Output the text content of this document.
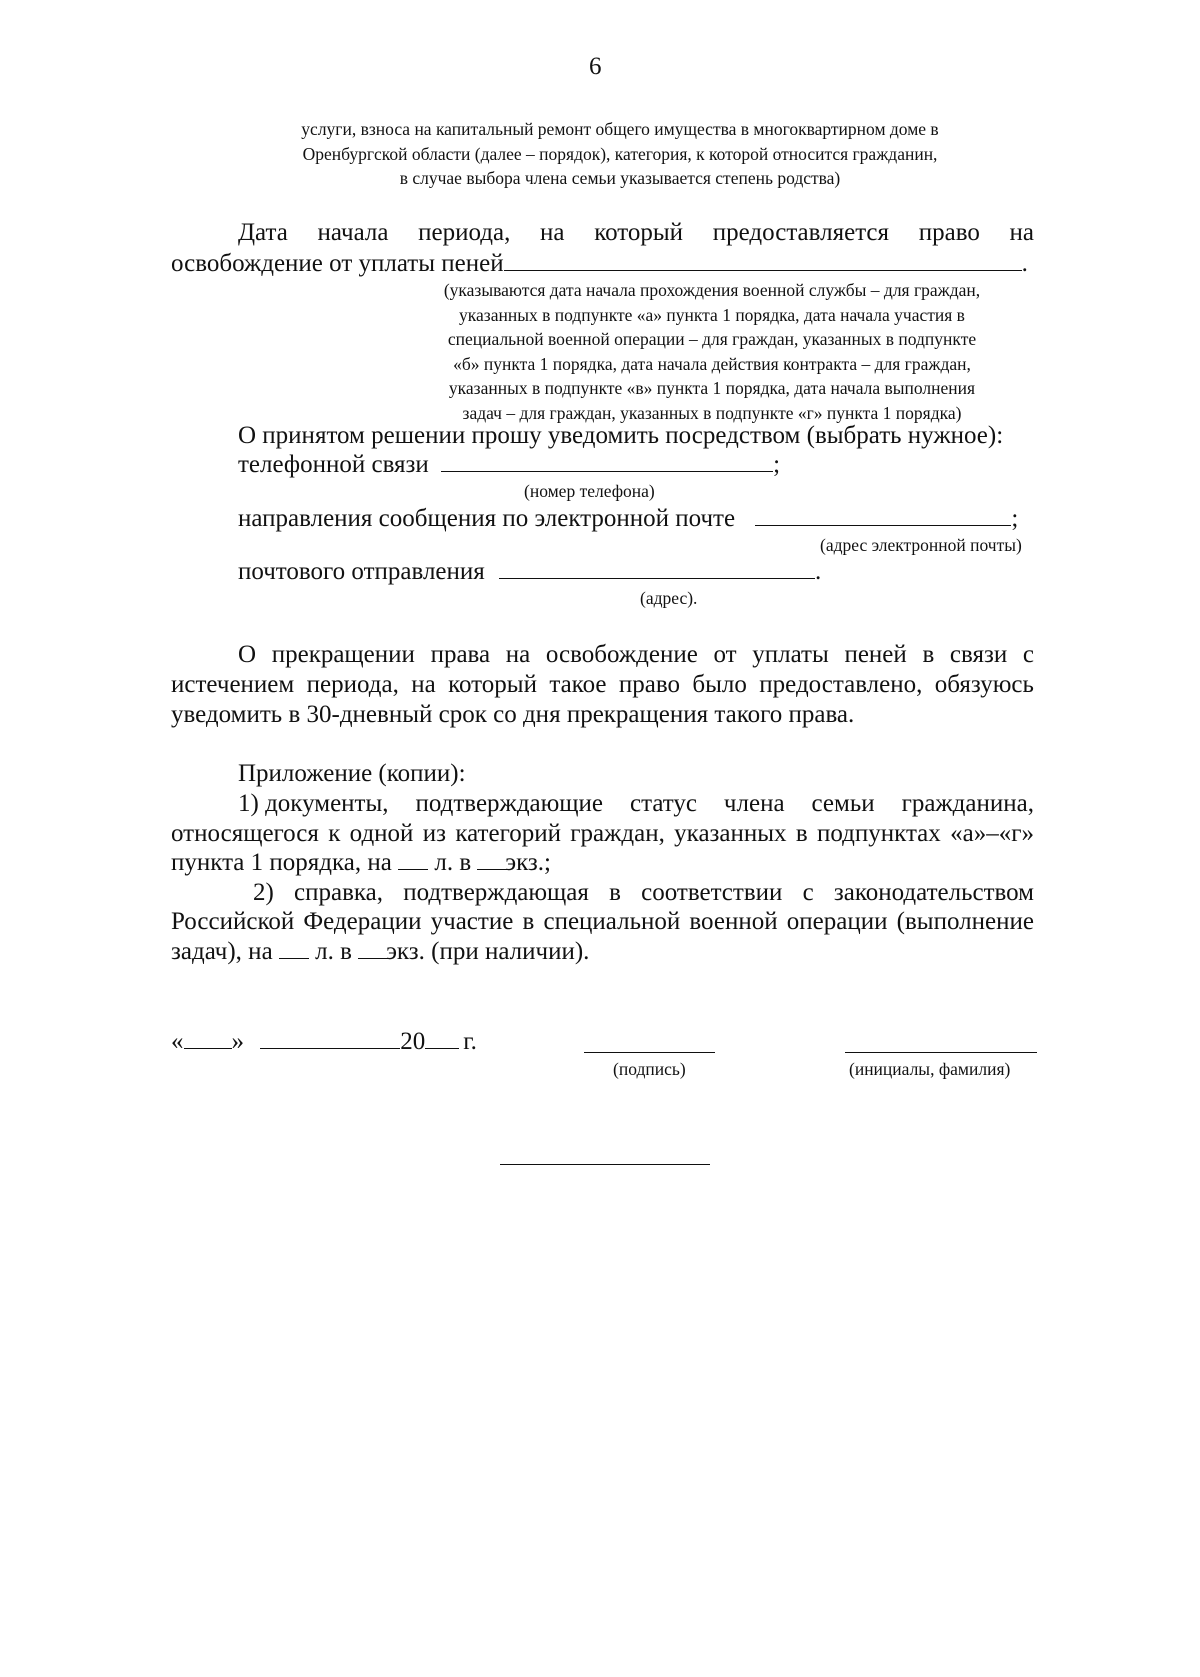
6
услуги, взноса на капитальный ремонт общего имущества в многоквартирном доме в
Оренбургской области (далее – порядок), категория, к которой относится гражданин,
в случае выбора члена семьи указывается степень родства)
Дата начала периода, на который предоставляется право на
освобождение от уплаты пеней	.
(указываются дата начала прохождения военной службы – для граждан,
указанных в подпункте «а» пункта 1 порядка, дата начала участия в
специальной военной операции – для граждан, указанных в подпункте
«б» пункта 1 порядка, дата начала действия контракта – для граждан,
указанных в подпункте «в» пункта 1 порядка, дата начала выполнения
задач – для граждан, указанных в подпункте «г» пункта 1 порядка)
О принятом решении прошу уведомить посредством (выбрать нужное):
телефонной связи	;
(номер телефона)
направления сообщения по электронной почте	;
(адрес электронной почты)
почтового отправления	.
(адрес).
О прекращении права на освобождение от уплаты пеней в связи с
истечением периода, на который такое право было предоставлено, обязуюсь
уведомить в 30-дневный срок со дня прекращения такого права.
Приложение (копии):
1) документы, подтверждающие статус члена семьи гражданина,
относящегося к одной из категорий граждан, указанных в подпунктах «а»–«г»
пункта 1 порядка, на л. в экз.;
2) справка, подтверждающая в соответствии с законодательством
Российской Федерации участие в специальной военной операции (выполнение
задач), на л. в экз. (при наличии).
« »	20 г.
(подпись)	(инициалы, фамилия)
